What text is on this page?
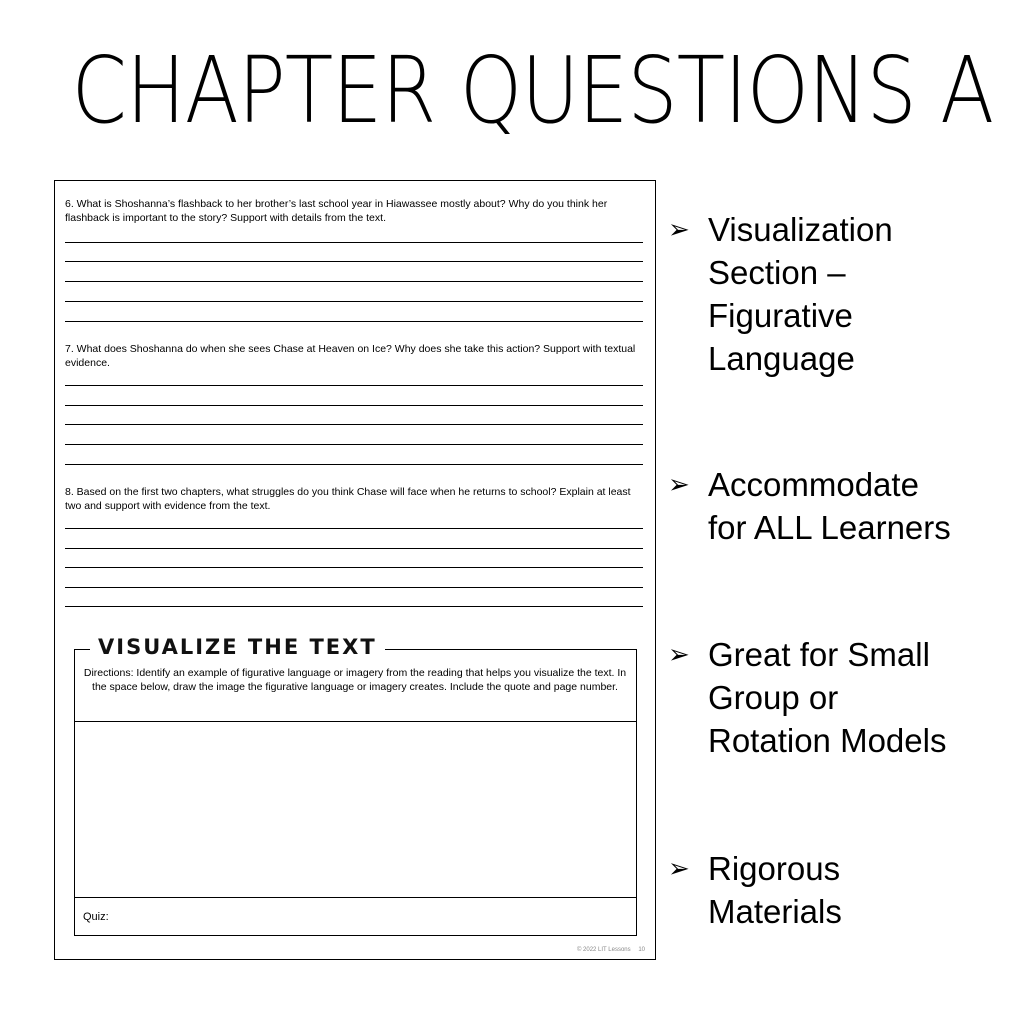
CHAPTER QUESTIONS A

6. What is Shoshanna’s flashback to her brother’s last school year in Hiawassee mostly about? Why do you think her flashback is important to the story? Support with details from the text.

7. What does Shoshanna do when she sees Chase at Heaven on Ice? Why does she take this action? Support with textual evidence.

8. Based on the first two chapters, what struggles do you think Chase will face when he returns to school? Explain at least two and support with evidence from the text.

VISUALIZE THE TEXT
Directions: Identify an example of figurative language or imagery from the reading that helps you visualize the text. In the space below, draw the image the figurative language or imagery creates. Include the quote and page number.
Quiz:
© 2022 LIT Lessons 10
➢ Visualization
Section –
Figurative
Language
➢ Accommodate
for ALL Learners
➢ Great for Small
Group or
Rotation Models
➢ Rigorous
Materials
